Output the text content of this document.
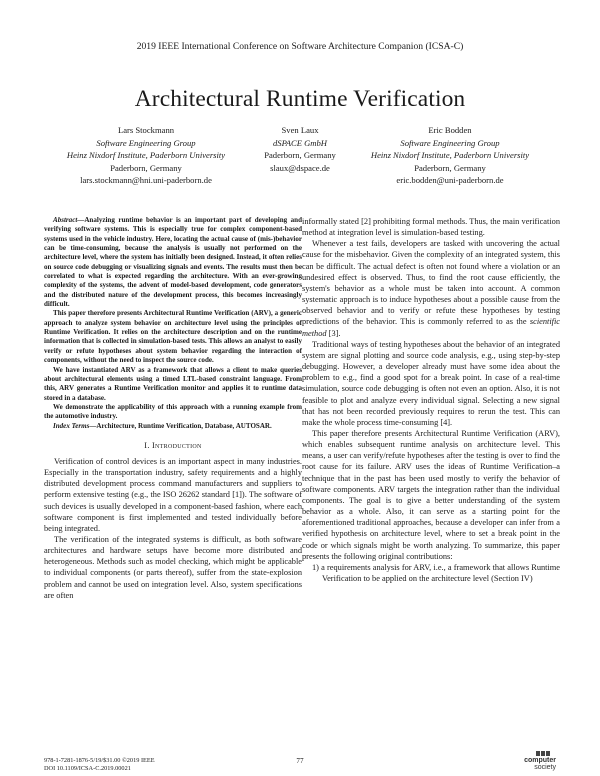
2019 IEEE International Conference on Software Architecture Companion (ICSA-C)
Architectural Runtime Verification
Lars Stockmann
Software Engineering Group
Heinz Nixdorf Institute, Paderborn University
Paderborn, Germany
lars.stockmann@hni.uni-paderborn.de
Sven Laux
dSPACE GmbH
Paderborn, Germany
slaux@dspace.de
Eric Bodden
Software Engineering Group
Heinz Nixdorf Institute, Paderborn University
Paderborn, Germany
eric.bodden@uni-paderborn.de

Abstract—Analyzing runtime behavior is an important part of developing and verifying software systems. This is especially true for complex component-based systems used in the vehicle industry. Here, locating the actual cause of (mis-)behavior can be time-consuming, because the analysis is usually not performed on the architecture level, where the system has initially been designed. Instead, it often relies on source code debugging or visualizing signals and events. The results must then be correlated to what is expected regarding the architecture. With an ever-growing complexity of the systems, the advent of model-based development, code generators and the distributed nature of the development process, this becomes increasingly difficult.

This paper therefore presents Architectural Runtime Verification (ARV), a generic approach to analyze system behavior on architecture level using the principles of Runtime Verification. It relies on the architecture description and on the runtime information that is collected in simulation-based tests. This allows an analyst to easily verify or refute hypotheses about system behavior regarding the interaction of components, without the need to inspect the source code.

We have instantiated ARV as a framework that allows a client to make queries about architectural elements using a timed LTL-based constraint language. From this, ARV generates a Runtime Verification monitor and applies it to runtime data stored in a database.

We demonstrate the applicability of this approach with a running example from the automotive industry.

Index Terms—Architecture, Runtime Verification, Database, AUTOSAR.

I. Introduction

Verification of control devices is an important aspect in many industries. Especially in the transportation industry, safety requirements and a highly distributed development process command manufacturers and suppliers to perform extensive testing (e.g., the ISO 26262 standard [1]). The software of such devices is usually developed in a component-based fashion, where each software component is first implemented and tested individually before being integrated.

The verification of the integrated systems is difficult, as both software architectures and hardware setups have become more distributed and heterogeneous. Methods such as model checking, which might be applicable to individual components (or parts thereof), suffer from the state-explosion problem and cannot be used on integration level. Also, system specifications are often

informally stated [2] prohibiting formal methods. Thus, the main verification method at integration level is simulation-based testing.

Whenever a test fails, developers are tasked with uncovering the actual cause for the misbehavior. Given the complexity of an integrated system, this can be difficult. The actual defect is often not found where a violation or an undesired effect is observed. Thus, to find the root cause efficiently, the system's behavior as a whole must be taken into account. A common systematic approach is to induce hypotheses about a possible cause from the observed behavior and to verify or refute these hypotheses by testing predictions of the behavior. This is commonly referred to as the scientific method [3].

Traditional ways of testing hypotheses about the behavior of an integrated system are signal plotting and source code analysis, e.g., using step-by-step debugging. However, a developer already must have some idea about the problem to e.g., find a good spot for a break point. In case of a real-time simulation, source code debugging is often not even an option. Also, it is not feasible to plot and analyze every individual signal. Selecting a new signal that has not been recorded previously requires to rerun the test. This can make the whole process time-consuming [4].

This paper therefore presents Architectural Runtime Verification (ARV), which enables subsequent runtime analysis on architecture level. This means, a user can verify/refute hypotheses after the testing is over to find the root cause for its failure. ARV uses the ideas of Runtime Verification–a technique that in the past has been used mostly to verify the behavior of software components. ARV targets the integration rather than the individual components. The goal is to give a better understanding of the system behavior as a whole. Also, it can serve as a starting point for the aforementioned traditional approaches, because a developer can infer from a verified hypothesis on architecture level, where to set a break point in the code or which signals might be worth analyzing. To summarize, this paper presents the following original contributions:

1) a requirements analysis for ARV, i.e., a framework that allows Runtime Verification to be applied on the architecture level (Section IV)
978-1-7281-1876-5/19/$31.00 ©2019 IEEE
DOI 10.1109/ICSA-C.2019.00021
77	computer
society
